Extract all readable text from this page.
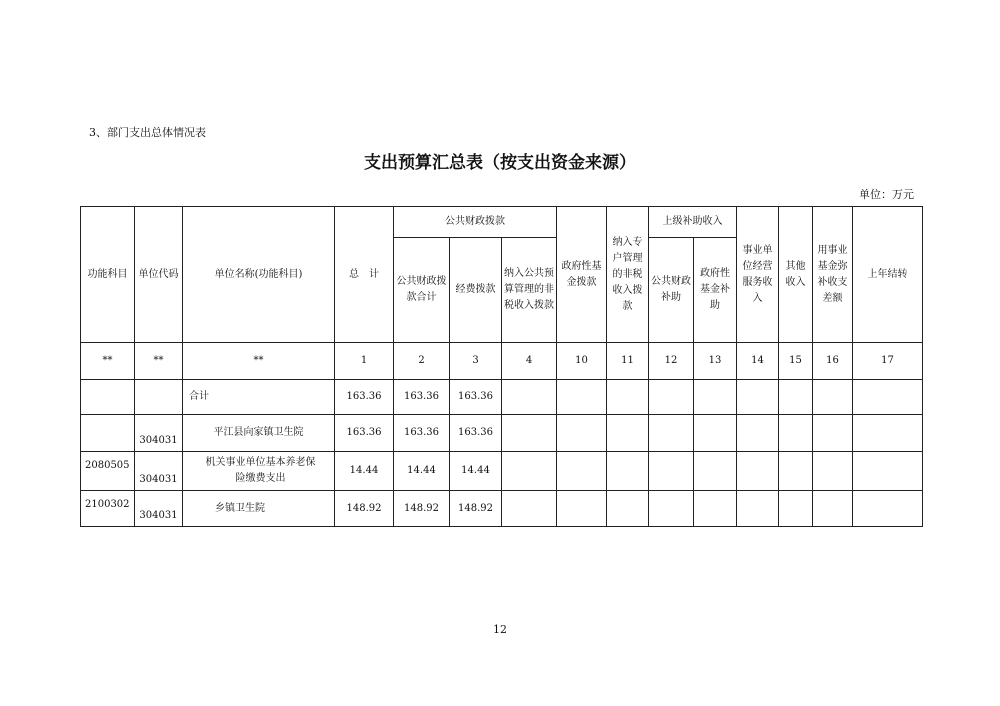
3、部门支出总体情况表
支出预算汇总表（按支出资金来源）
单位：万元
功能科目	单位代码	单位名称(功能科目)	总　计	公共财政拨款			政府性基金拨款	纳入专户管理的非税收入拨款	上级补助收入		事业单位经营服务收入	其他收入	用事业基金弥补收支差额	上年结转
				公共财政拨款合计	经费拨款	纳入公共预算管理的非税收入拨款			公共财政补助	政府性基金补助				
**	**	**	1	2	3	4	10	11	12	13	14	15	16	17
		合计	163.36	163.36	163.36									
	304031	平江县向家镇卫生院	163.36	163.36	163.36									
2080505	304031	机关事业单位基本养老保险缴费支出	14.44	14.44	14.44									
2100302	304031	乡镇卫生院	148.92	148.92	148.92									
12
